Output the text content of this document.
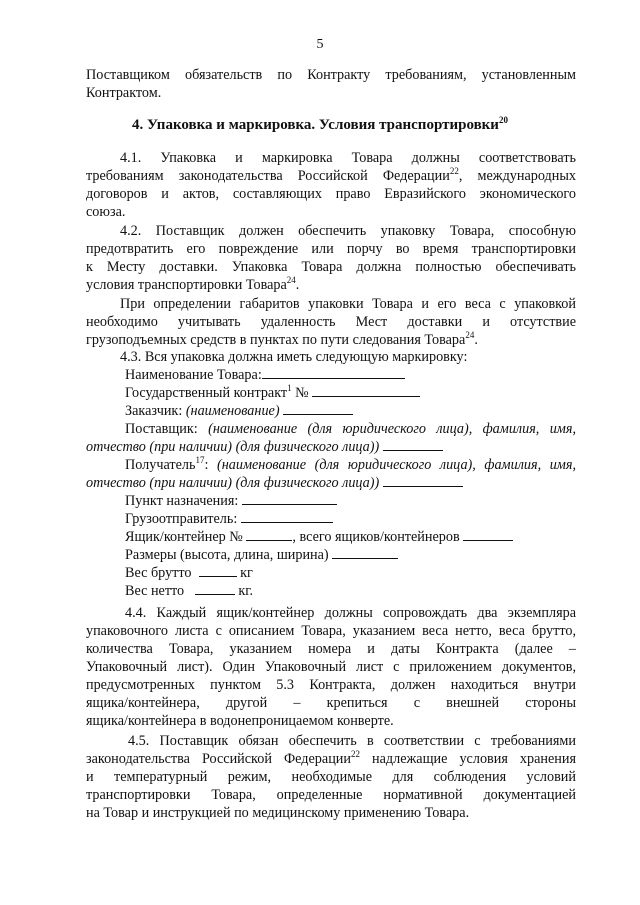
5
Поставщиком обязательств по Контракту требованиям, установленным
Контрактом.
4. Упаковка и маркировка. Условия транспортировки$^{20}$
4.1. Упаковка и маркировка Товара должны соответствовать
требованиям законодательства Российской Федерации$^{22}$, международных
договоров и актов, составляющих право Евразийского экономического
союза.
4.2. Поставщик должен обеспечить упаковку Товара, способную
предотвратить его повреждение или порчу во время транспортировки
к Месту доставки. Упаковка Товара должна полностью обеспечивать
условия транспортировки Товара$^{24}$.
При определении габаритов упаковки Товара и его веса с упаковкой
необходимо учитывать удаленность Мест доставки и отсутствие
грузоподъемных средств в пунктах по пути следования Товара$^{24}$.
4.3. Вся упаковка должна иметь следующую маркировку:
Наименование Товара:
Государственный контракт$^1$ №
Заказчик: (наименование)
Поставщик: (наименование (для юридического лица), фамилия, имя,
отчество (при наличии) (для физического лица))
Получатель$^{17}$: (наименование (для юридического лица), фамилия, имя,
отчество (при наличии) (для физического лица))
Пункт назначения:
Грузоотправитель:
Ящик/контейнер №	, всего ящиков/контейнеров
Размеры (высота, длина, ширина)
Вес брутто	кг
Вес нетто	кг.
4.4. Каждый ящик/контейнер должны сопровождать два экземпляра
упаковочного листа с описанием Товара, указанием веса нетто, веса брутто,
количества Товара, указанием номера и даты Контракта (далее –
Упаковочный лист). Один Упаковочный лист с приложением документов,
предусмотренных пунктом 5.3 Контракта, должен находиться внутри
ящика/контейнера, другой – крепиться с внешней стороны
ящика/контейнера в водонепроницаемом конверте.
4.5. Поставщик обязан обеспечить в соответствии с требованиями
законодательства Российской Федерации$^{22}$ надлежащие условия хранения
и температурный режим, необходимые для соблюдения условий
транспортировки Товара, определенные нормативной документацией
на Товар и инструкцией по медицинскому применению Товара.
